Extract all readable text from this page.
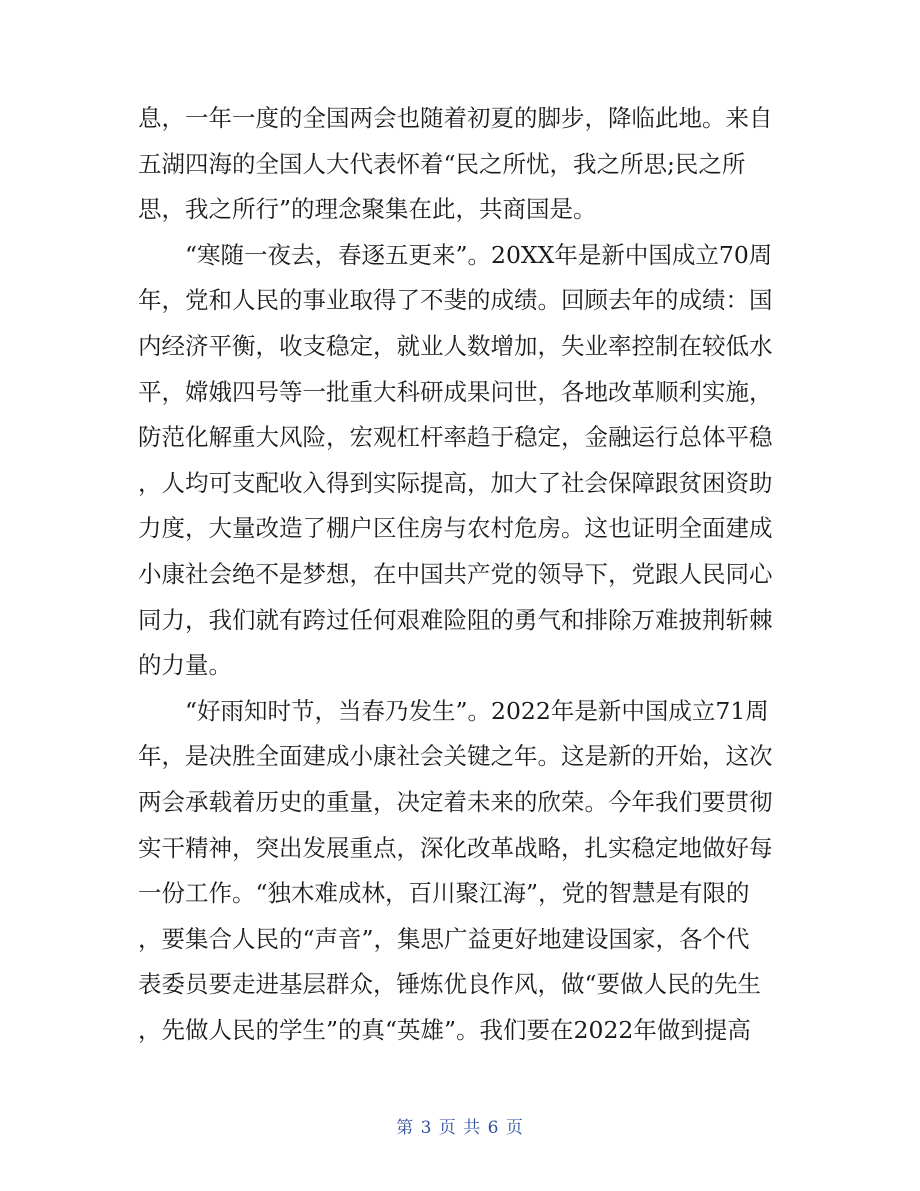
息，一年一度的全国两会也随着初夏的脚步，降临此地。来自
五湖四海的全国人大代表怀着“民之所忧，我之所思;民之所
思，我之所行”的理念聚集在此，共商国是。
“寒随一夜去，春逐五更来”。20XX年是新中国成立70周
年，党和人民的事业取得了不斐的成绩。回顾去年的成绩：国
内经济平衡，收支稳定，就业人数增加，失业率控制在较低水
平，嫦娥四号等一批重大科研成果问世，各地改革顺利实施，
防范化解重大风险，宏观杠杆率趋于稳定，金融运行总体平稳
，人均可支配收入得到实际提高，加大了社会保障跟贫困资助
力度，大量改造了棚户区住房与农村危房。这也证明全面建成
小康社会绝不是梦想，在中国共产党的领导下，党跟人民同心
同力，我们就有跨过任何艰难险阻的勇气和排除万难披荆斩棘
的力量。
“好雨知时节，当春乃发生”。2022年是新中国成立71周
年，是决胜全面建成小康社会关键之年。这是新的开始，这次
两会承载着历史的重量，决定着未来的欣荣。今年我们要贯彻
实干精神，突出发展重点，深化改革战略，扎实稳定地做好每
一份工作。“独木难成林，百川聚江海”，党的智慧是有限的
，要集合人民的“声音”，集思广益更好地建设国家，各个代
表委员要走进基层群众，锤炼优良作风，做“要做人民的先生
，先做人民的学生”的真“英雄”。我们要在2022年做到提高
第 3 页 共 6 页
